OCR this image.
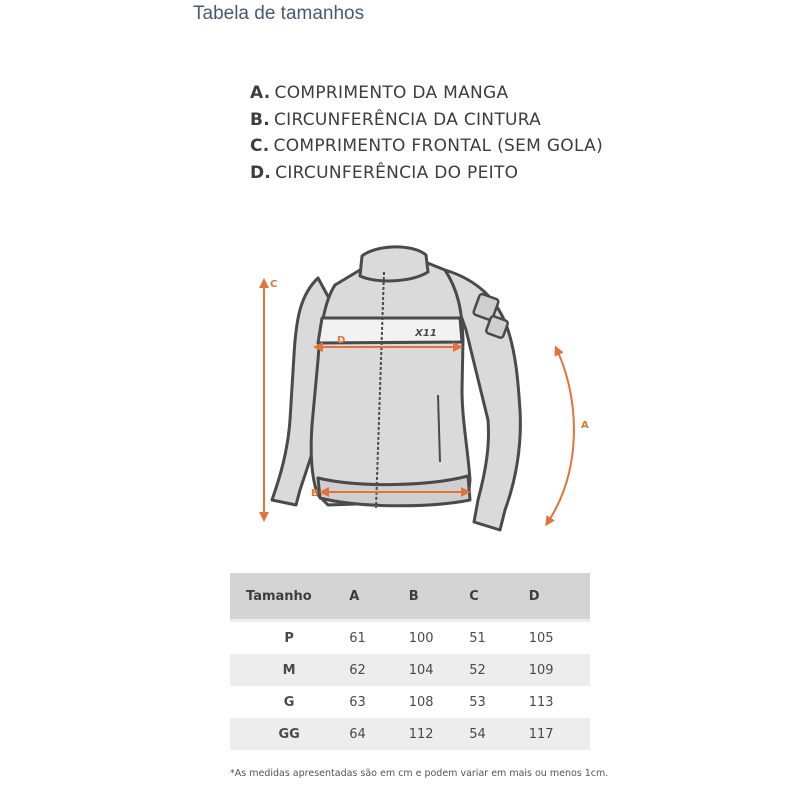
Tabela de tamanhos
A. COMPRIMENTO DA MANGA
B. CIRCUNFERÊNCIA DA CINTURA
C. COMPRIMENTO FRONTAL (SEM GOLA)
D. CIRCUNFERÊNCIA DO PEITO
X11
C
D
B
A
Tamanho	A	B	C	D

P	61	100	51	105
M	62	104	52	109
G	63	108	53	113
GG	64	112	54	117
*As medidas apresentadas são em cm e podem variar em mais ou menos 1cm.
